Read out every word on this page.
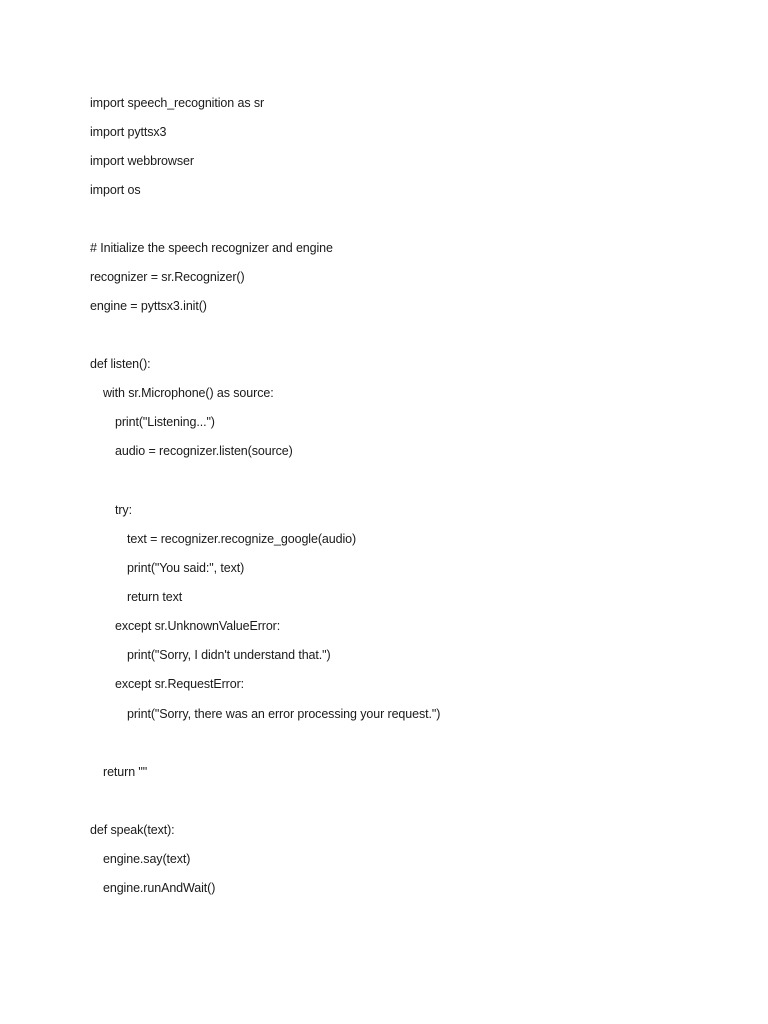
import speech_recognition as sr
import pyttsx3
import webbrowser
import os
# Initialize the speech recognizer and engine
recognizer = sr.Recognizer()
engine = pyttsx3.init()
def listen():
with sr.Microphone() as source:
print("Listening...")
audio = recognizer.listen(source)
try:
text = recognizer.recognize_google(audio)
print("You said:", text)
return text
except sr.UnknownValueError:
print("Sorry, I didn't understand that.")
except sr.RequestError:
print("Sorry, there was an error processing your request.")
return ""
def speak(text):
engine.say(text)
engine.runAndWait()
